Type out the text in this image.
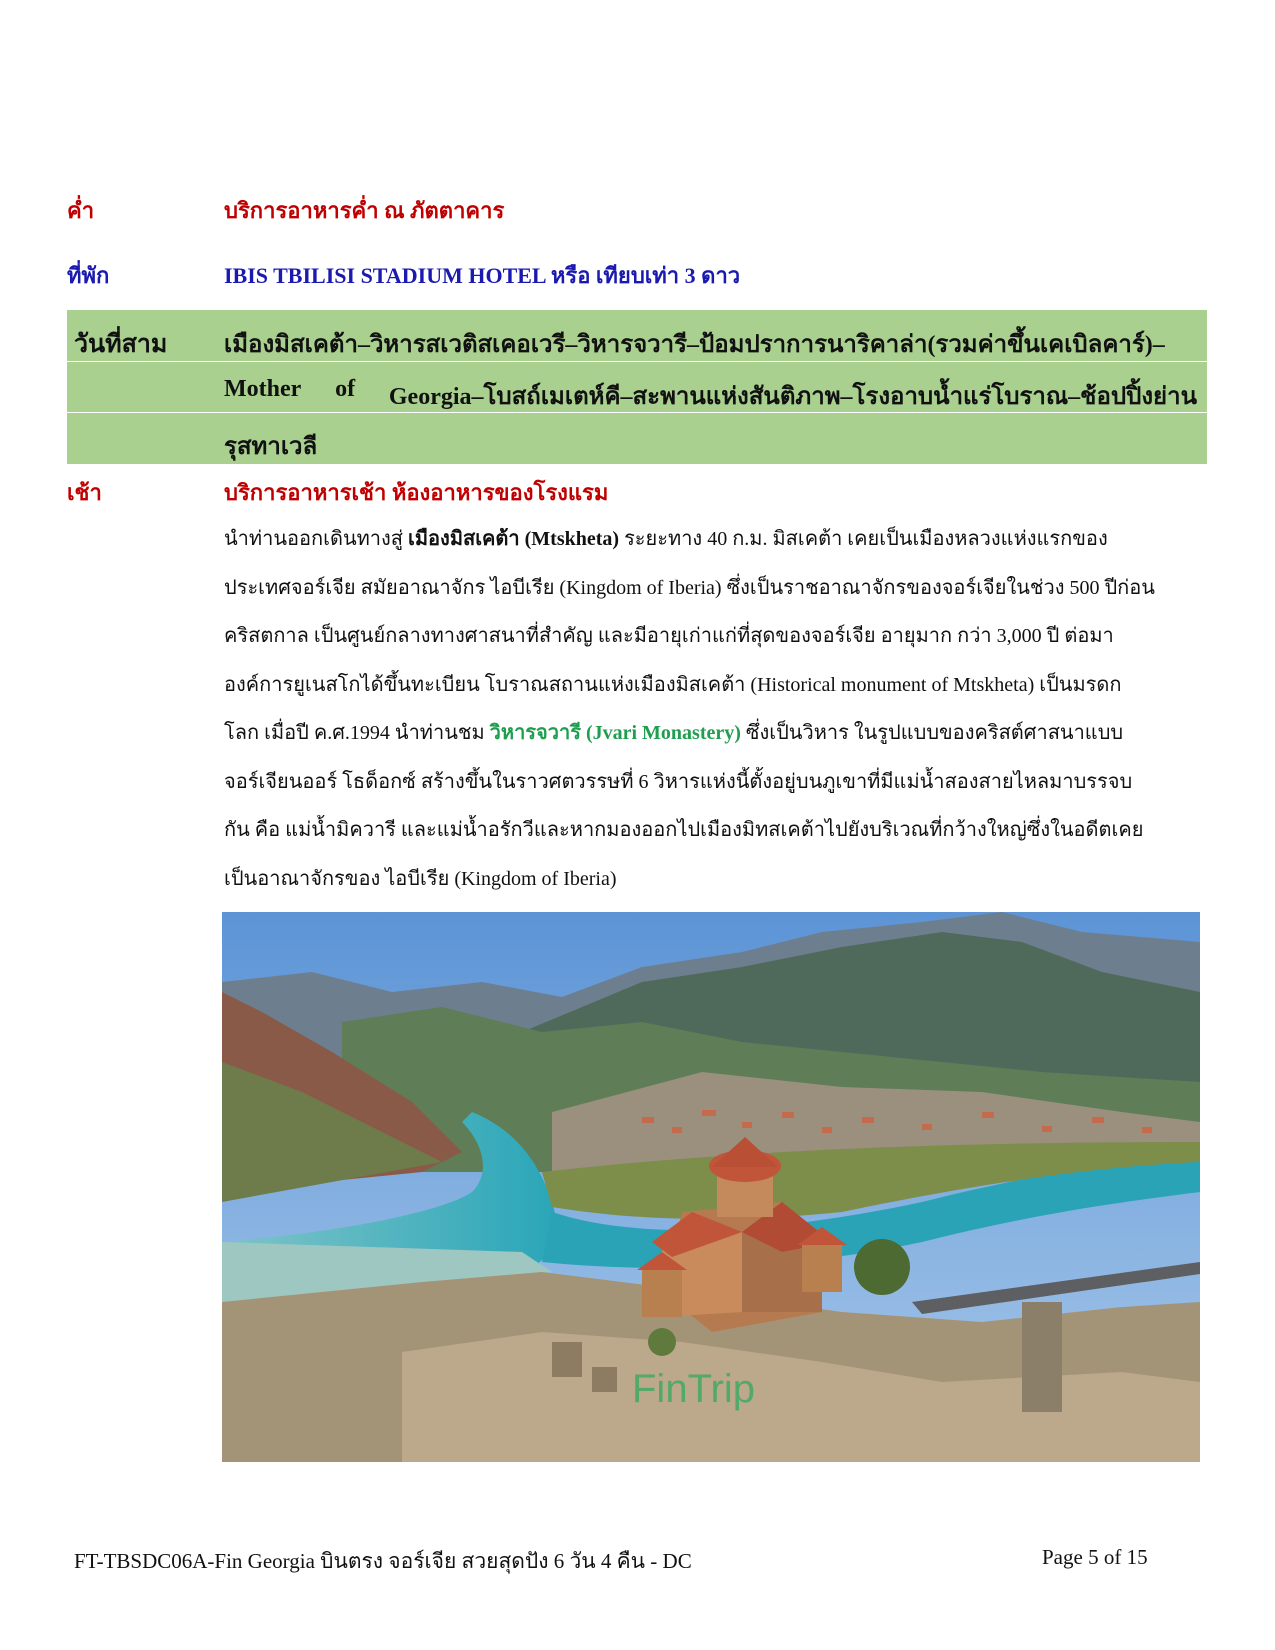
ค่ำ	บริการอาหารค่ำ ณ ภัตตาคาร
ที่พัก	IBIS TBILISI STADIUM HOTEL หรือ เทียบเท่า 3 ดาว
วันที่สาม เมืองมิสเคต้า–วิหารสเวติสเคอเวรี–วิหารจวารี–ป้อมปราการนาริคาล่า(รวมค่าขึ้นเคเบิลคาร์)–
Mother of Georgia–โบสถ์เมเตห์คี–สะพานแห่งสันติภาพ–โรงอาบน้ำแร่โบราณ–ช้อปปิ้งย่าน
รุสทาเวลี
เช้า	บริการอาหารเช้า ห้องอาหารของโรงแรม
นำท่านออกเดินทางสู่ เมืองมิสเคต้า (Mtskheta) ระยะทาง 40 ก.ม. มิสเคต้า เคยเป็นเมืองหลวงแห่งแรกของ
ประเทศจอร์เจีย สมัยอาณาจักร ไอบีเรีย (Kingdom of Iberia) ซึ่งเป็นราชอาณาจักรของจอร์เจียในช่วง 500 ปีก่อน
คริสตกาล เป็นศูนย์กลางทางศาสนาที่สำคัญ และมีอายุเก่าแก่ที่สุดของจอร์เจีย อายุมาก กว่า 3,000 ปี ต่อมา
องค์การยูเนสโกได้ขึ้นทะเบียน โบราณสถานแห่งเมืองมิสเคต้า (Historical monument of Mtskheta) เป็นมรดก
โลก เมื่อปี ค.ศ.1994 นำท่านชม วิหารจวารี (Jvari Monastery) ซึ่งเป็นวิหาร ในรูปแบบของคริสต์ศาสนาแบบ
จอร์เจียนออร์ โธด็อกซ์ สร้างขึ้นในราวศตวรรษที่ 6 วิหารแห่งนี้ตั้งอยู่บนภูเขาที่มีแม่น้ำสองสายไหลมาบรรจบ
กัน คือ แม่น้ำมิควารี และแม่น้ำอรักวีและหากมองออกไปเมืองมิทสเคต้าไปยังบริเวณที่กว้างใหญ่ซึ่งในอดีตเคย
เป็นอาณาจักรของ ไอบีเรีย (Kingdom of Iberia)
FinTrip
FT-TBSDC06A-Fin Georgia บินตรง จอร์เจีย สวยสุดปัง 6 วัน 4 คืน - DC	Page 5 of 15
